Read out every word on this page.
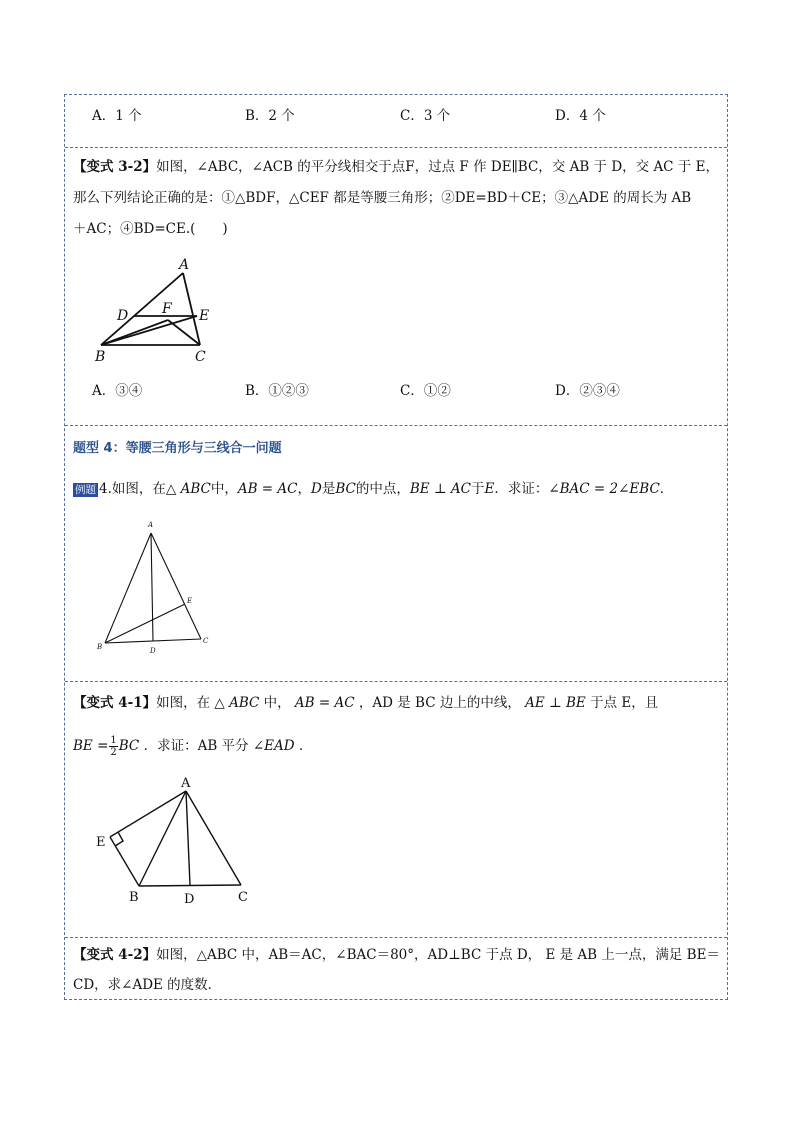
A．1 个	B．2 个	C．3 个	D．4 个
【变式 3-2】如图，∠ABC，∠ACB 的平分线相交于点F，过点 F 作 DE∥BC，交 AB 于 D，交 AC 于 E，
那么下列结论正确的是：①△BDF，△CEF 都是等腰三角形；②DE=BD＋CE；③△ADE 的周长为 AB
＋AC；④BD=CE.(　　)
A
D F E
B	C
A．③④	B．①②③	C．①②	D．②③④
题型 4：等腰三角形与三线合一问题
例题 4.如图，在△ ABC中，AB = AC，D是BC的中点，BE ⊥ AC于E．求证：∠BAC = 2∠EBC．
A
E
B	D
C
【变式 4-1】如图，在 △ ABC 中， AB = AC ，AD 是 BC 边上的中线， AE ⊥ BE 于点 E，且
BE = $\frac{1}{2}$ BC ．求证：AB 平分 ∠EAD ．
A
E
B	D	C
【变式 4-2】如图，△ABC 中，AB＝AC，∠BAC＝80°，AD⊥BC 于点 D， E 是 AB 上一点，满足 BE＝
CD，求∠ADE 的度数．
